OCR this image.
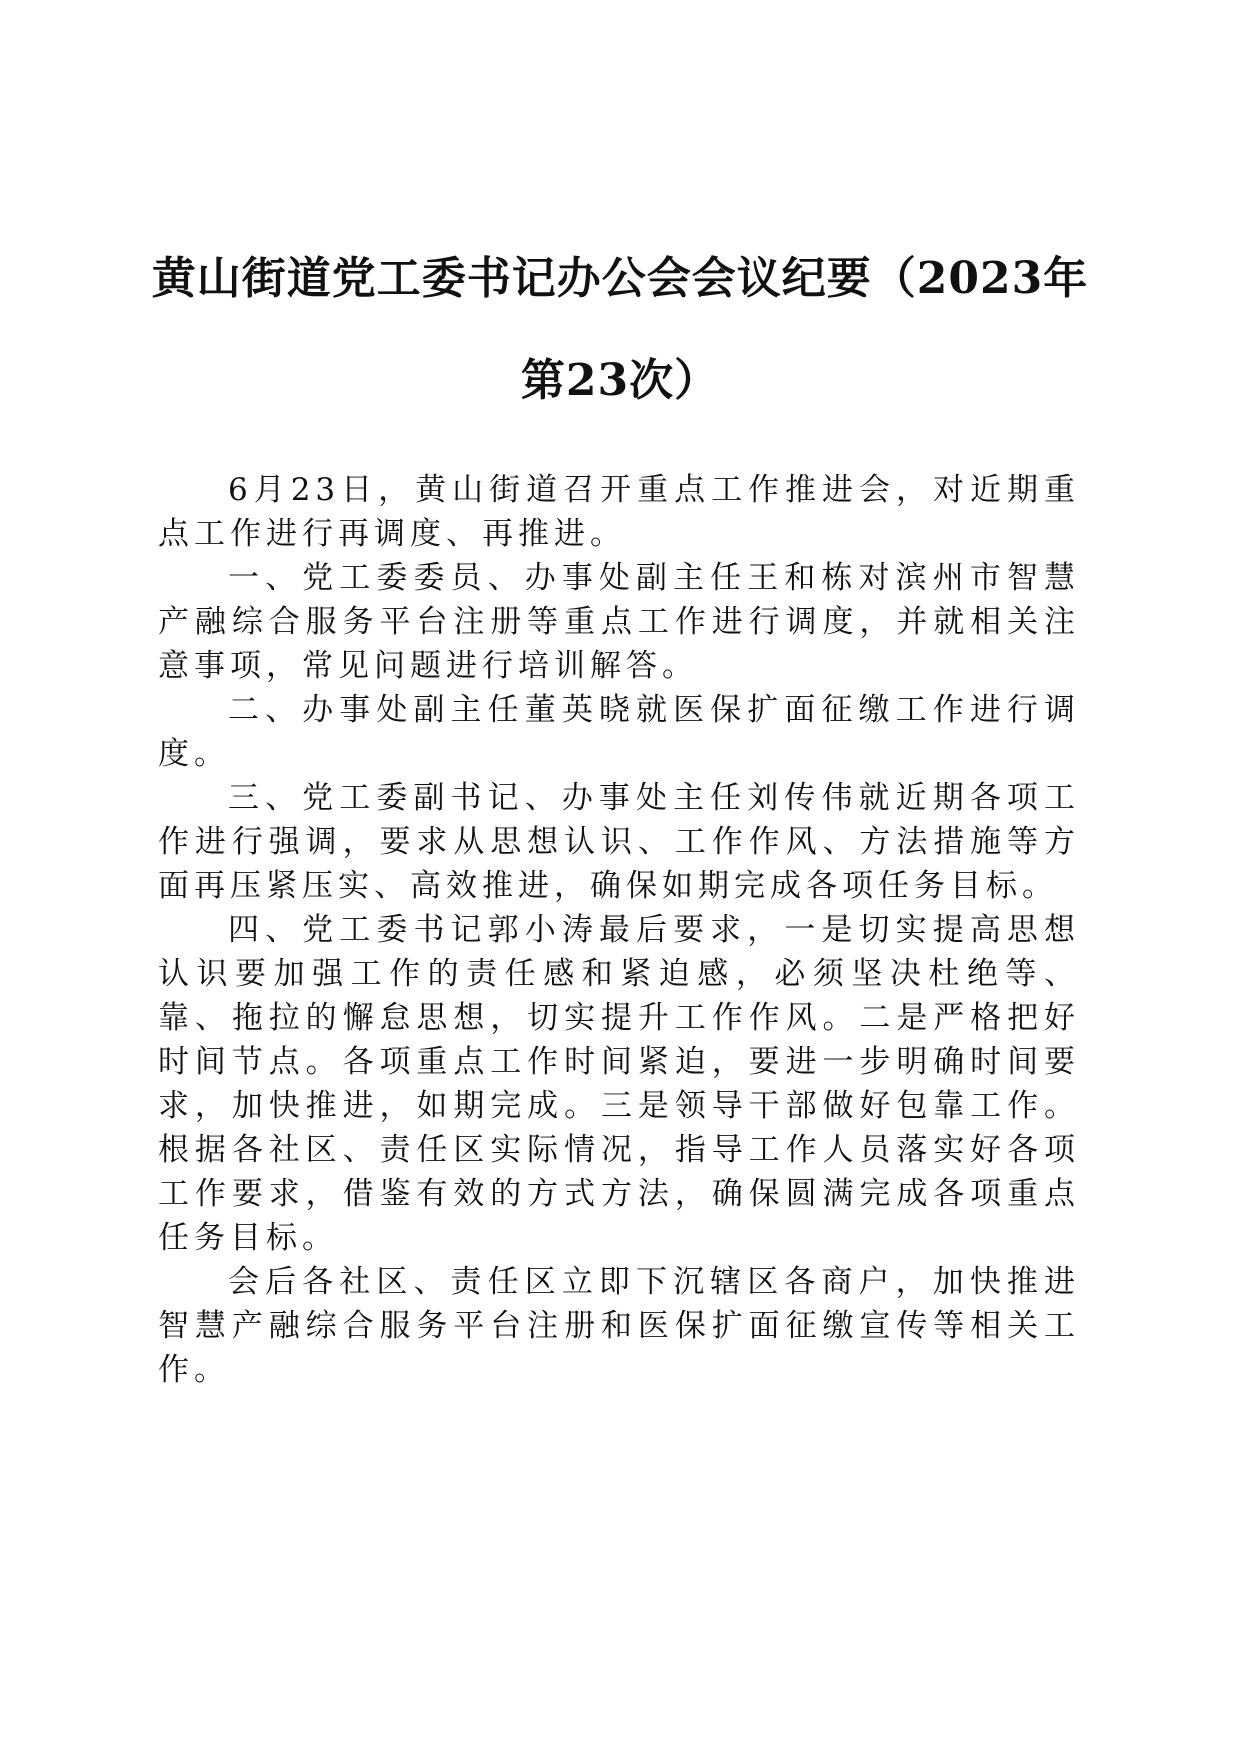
黄山街道党工委书记办公会会议纪要（2023年第23次）

6月23日，黄山街道召开重点工作推进会，对近期重点工作进行再调度、再推进。

一、党工委委员、办事处副主任王和栋对滨州市智慧产融综合服务平台注册等重点工作进行调度，并就相关注意事项，常见问题进行培训解答。

二、办事处副主任董英晓就医保扩面征缴工作进行调度。

三、党工委副书记、办事处主任刘传伟就近期各项工作进行强调，要求从思想认识、工作作风、方法措施等方面再压紧压实、高效推进，确保如期完成各项任务目标。

四、党工委书记郭小涛最后要求，一是切实提高思想认识要加强工作的责任感和紧迫感，必须坚决杜绝等、靠、拖拉的懈怠思想，切实提升工作作风。二是严格把好时间节点。各项重点工作时间紧迫，要进一步明确时间要求，加快推进，如期完成。三是领导干部做好包靠工作。根据各社区、责任区实际情况，指导工作人员落实好各项工作要求，借鉴有效的方式方法，确保圆满完成各项重点任务目标。

会后各社区、责任区立即下沉辖区各商户，加快推进智慧产融综合服务平台注册和医保扩面征缴宣传等相关工作。
